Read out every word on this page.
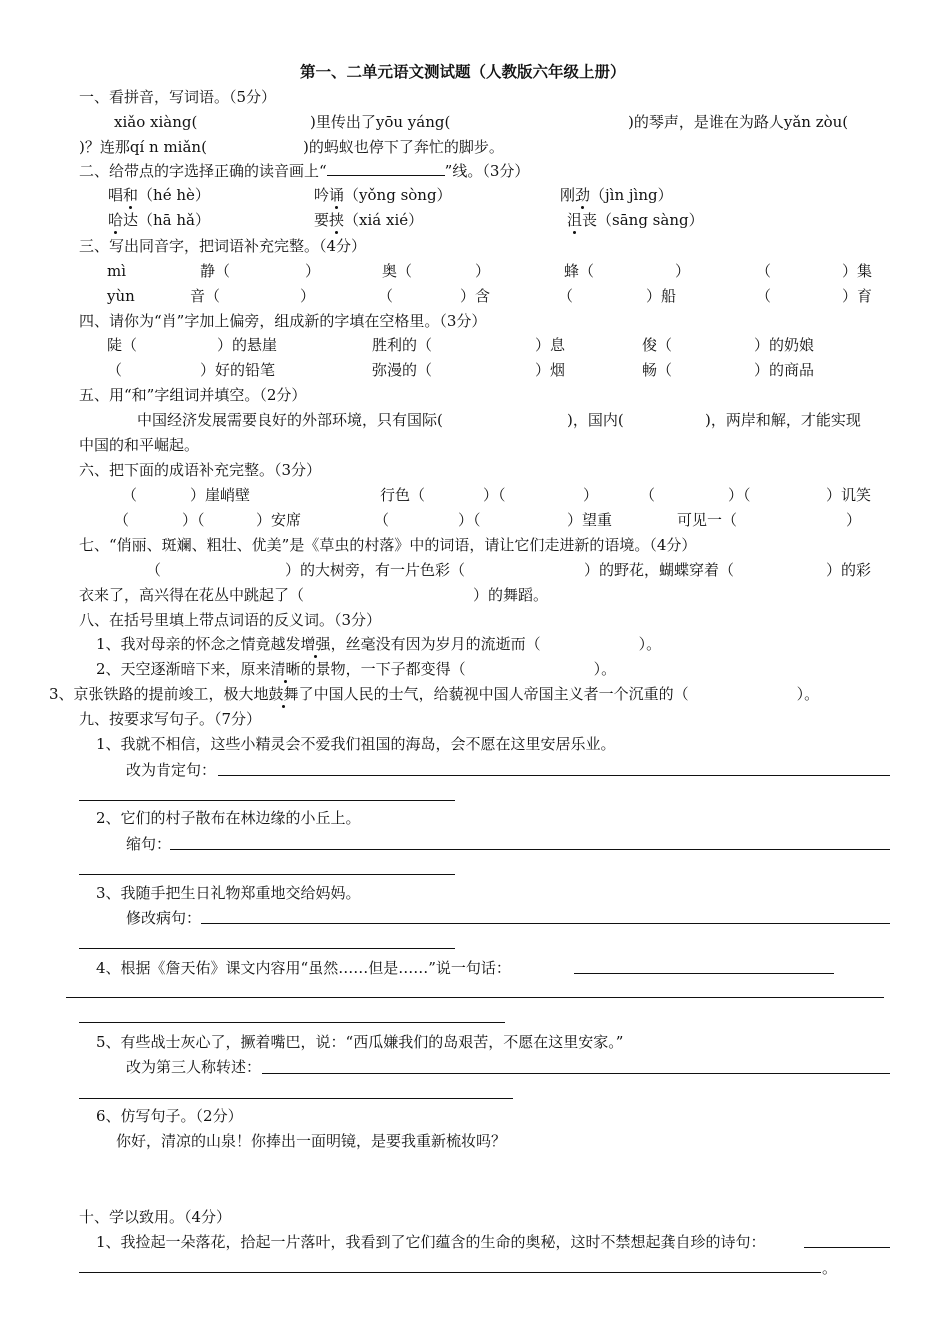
第一、二单元语文测试题（人教版六年级上册）
一、看拼音，写词语。（5分）
xiǎo xiàng(	)里传出了yōu yáng(	)的琴声，是谁在为路人yǎn zòu(
)？连那qí n miǎn(	)的蚂蚁也停下了奔忙的脚步。
二、给带点的字选择正确的读音画上“	”线。（3分）
唱和（hé hè）	吟诵（yǒng sòng）	刚劲（jìn jìng）
哈达（hā hǎ）	要挟（xiá xié）	沮丧（sāng sàng）
三、写出同音字，把词语补充完整。（4分）
mì	静（	）	奥（	）	蜂（	）	（	）集
yùn	音（	）	（	）含	（	）船	（	）育
四、请你为“肖”字加上偏旁，组成新的字填在空格里。（3分）
陡（	）的悬崖	胜利的（	）息	俊（	）的奶娘
（	）好的铅笔	弥漫的（	）烟	畅（	）的商品
五、用“和”字组词并填空。（2分）
中国经济发展需要良好的外部环境，只有国际(	)，国内(	)，两岸和解，才能实现
中国的和平崛起。
六、把下面的成语补充完整。（3分）
（	）崖峭壁	行色（	）（	）	（	）（	）讥笑
（	）（	）安席	（	）（	）望重	可见一（	）
七、“俏丽、斑斓、粗壮、优美”是《草虫的村落》中的词语，请让它们走进新的语境。（4分）
（	）的大树旁，有一片色彩（	）的野花，蝴蝶穿着（	）的彩
衣来了，高兴得在花丛中跳起了（	）的舞蹈。
八、在括号里填上带点词语的反义词。（3分）
1、我对母亲的怀念之情竟越发增强，丝毫没有因为岁月的流逝而（	）。
2、天空逐渐暗下来，原来清晰的景物，一下子都变得（	）。
3、京张铁路的提前竣工，极大地鼓舞了中国人民的士气，给藐视中国人帝国主义者一个沉重的（	）。
九、按要求写句子。（7分）
1、我就不相信，这些小精灵会不爱我们祖国的海岛，会不愿在这里安居乐业。
改为肯定句：
2、它们的村子散布在林边缘的小丘上。
缩句：
3、我随手把生日礼物郑重地交给妈妈。
修改病句：
4、根据《詹天佑》课文内容用“虽然……但是……”说一句话：
5、有些战士灰心了，撅着嘴巴，说：“西瓜嫌我们的岛艰苦，不愿在这里安家。”
改为第三人称转述：
6、仿写句子。（2分）
你好，清凉的山泉！你捧出一面明镜，是要我重新梳妆吗？
十、学以致用。（4分）
1、我捡起一朵落花，拾起一片落叶，我看到了它们蕴含的生命的奥秘，这时不禁想起龚自珍的诗句：
。
